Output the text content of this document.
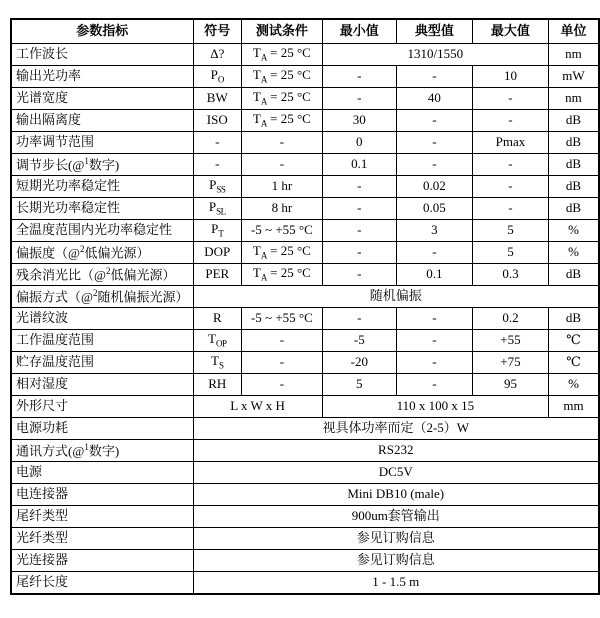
参数指标	符号	测试条件	最小值	典型值	最大值	单位
工作波长	Δ?	$T_A = 25$ °C	1310/1550			nm
输出光功率	$P_O$	$T_A = 25$ °C	-	-	10	mW
光谱宽度	BW	$T_A = 25$ °C	-	40	-	nm
输出隔离度	ISO	$T_A = 25$ °C	30	-	-	dB
功率调节范围	-	-	0	-	Pmax	dB
调节步长(@$^1$数字)	-	-	0.1	-	-	dB
短期光功率稳定性	$P_{SS}$	1 hr	-	0.02	-	dB
长期光功率稳定性	$P_{SL}$	8 hr	-	0.05	-	dB
全温度范围内光功率稳定性	$P_T$	-5 ~ +55 °C	-	3	5	%
偏振度（@$^2$低偏光源）	DOP	$T_A = 25$ °C	-	-	5	%
残余消光比（@$^2$低偏光源）	PER	$T_A = 25$ °C	-	0.1	0.3	dB
偏振方式（@$^2$随机偏振光源）	随机偏振					
光谱纹波	R	-5 ~ +55 °C	-	-	0.2	dB
工作温度范围	$T_{OP}$	-	-5	-	+55	℃
贮存温度范围	$T_S$	-	-20	-	+75	℃
相对湿度	RH	-	5	-	95	%
外形尺寸	L x W x H		110 x 100 x 15			mm
电源功耗	视具体功率而定（2-5）W					
通讯方式(@$^1$数字)	RS232					
电源	DC5V					
电连接器	Mini DB10 (male)					
尾纤类型	900um套管输出					
光纤类型	参见订购信息					
光连接器	参见订购信息					
尾纤长度	1 - 1.5 m					
